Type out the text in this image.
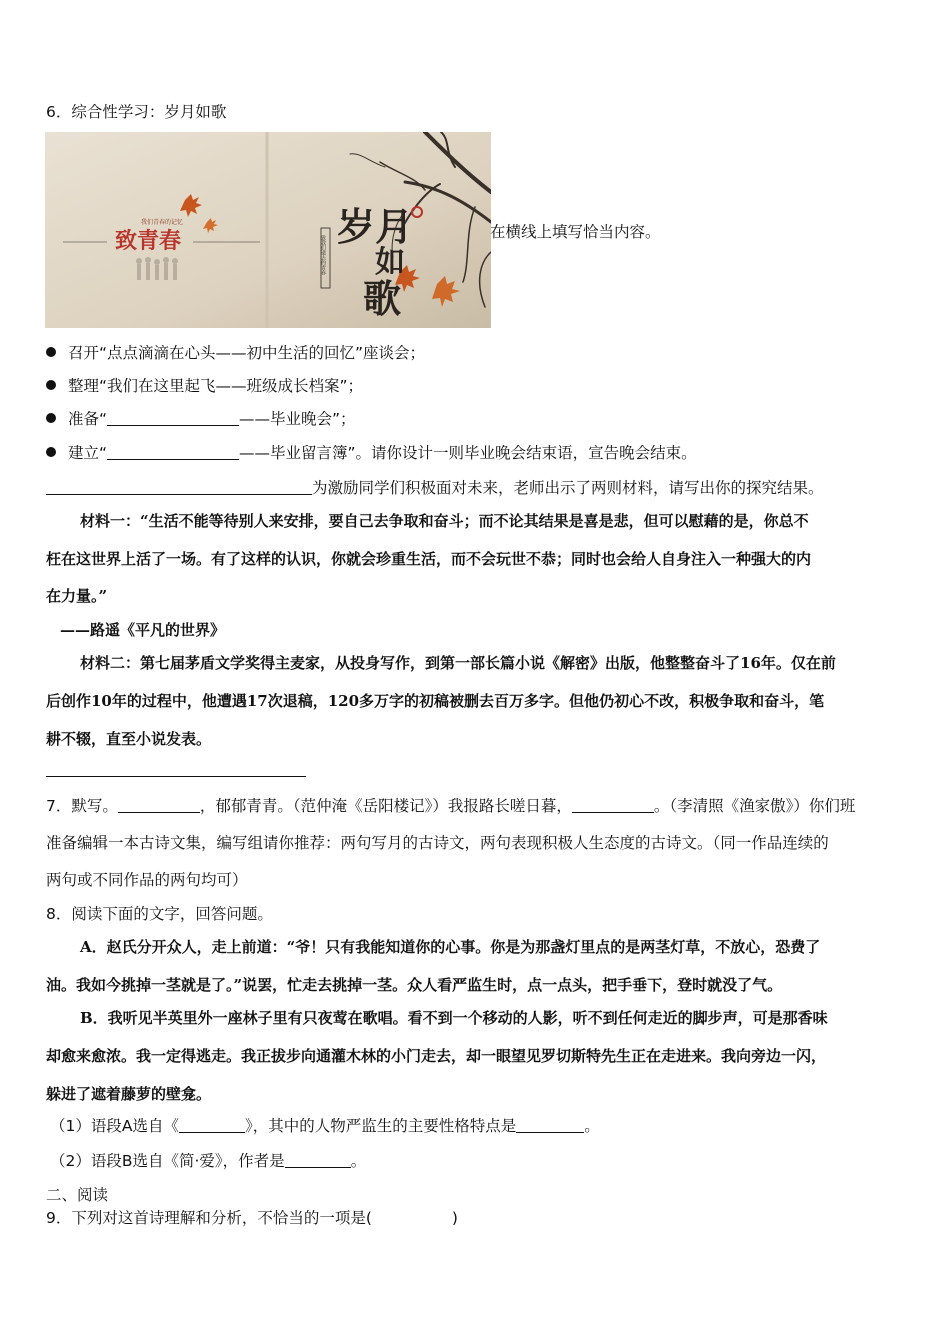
6．综合性学习：岁月如歌
我们青春的记忆
致青春	岁月
如
歌
致我们逝去的青春
在横线上填写恰当内容。
召开“点点滴滴在心头——初中生活的回忆”座谈会；
整理“我们在这里起飞——班级成长档案”；
准备“	——毕业晚会”；
建立“	——毕业留言簿”。请你设计一则毕业晚会结束语，宣告晚会结束。
为激励同学们积极面对未来，老师出示了两则材料，请写出你的探究结果。
材料一：“生活不能等待别人来安排，要自己去争取和奋斗；而不论其结果是喜是悲，但可以慰藉的是，你总不
枉在这世界上活了一场。有了这样的认识，你就会珍重生活，而不会玩世不恭；同时也会给人自身注入一种强大的内
在力量。”
——路遥《平凡的世界》
材料二：第七届茅盾文学奖得主麦家，从投身写作，到第一部长篇小说《解密》出版，他整整奋斗了16年。仅在前
后创作10年的过程中，他遭遇17次退稿，120多万字的初稿被删去百万多字。但他仍初心不改，积极争取和奋斗，笔
耕不辍，直至小说发表。
7．默写。	，郁郁青青。（范仲淹《岳阳楼记》）我报路长嗟日暮，	。（李清照《渔家傲》）你们班
准备编辑一本古诗文集，编写组请你推荐：两句写月的古诗文，两句表现积极人生态度的古诗文。（同一作品连续的
两句或不同作品的两句均可）
8．阅读下面的文字，回答问题。
A．赵氏分开众人，走上前道：“爷！只有我能知道你的心事。你是为那盏灯里点的是两茎灯草，不放心，恐费了
油。我如今挑掉一茎就是了。”说罢，忙走去挑掉一茎。众人看严监生时，点一点头，把手垂下，登时就没了气。
B．我听见半英里外一座林子里有只夜莺在歌唱。看不到一个移动的人影，听不到任何走近的脚步声，可是那香味
却愈来愈浓。我一定得逃走。我正拔步向通灌木林的小门走去，却一眼望见罗切斯特先生正在走进来。我向旁边一闪，
躲进了遮着藤萝的壁龛。
（1）语段A选自《	》，其中的人物严监生的主要性格特点是	。
（2）语段B选自《简·爱》，作者是	。
二、阅读
9．下列对这首诗理解和分析，不恰当的一项是(	)
